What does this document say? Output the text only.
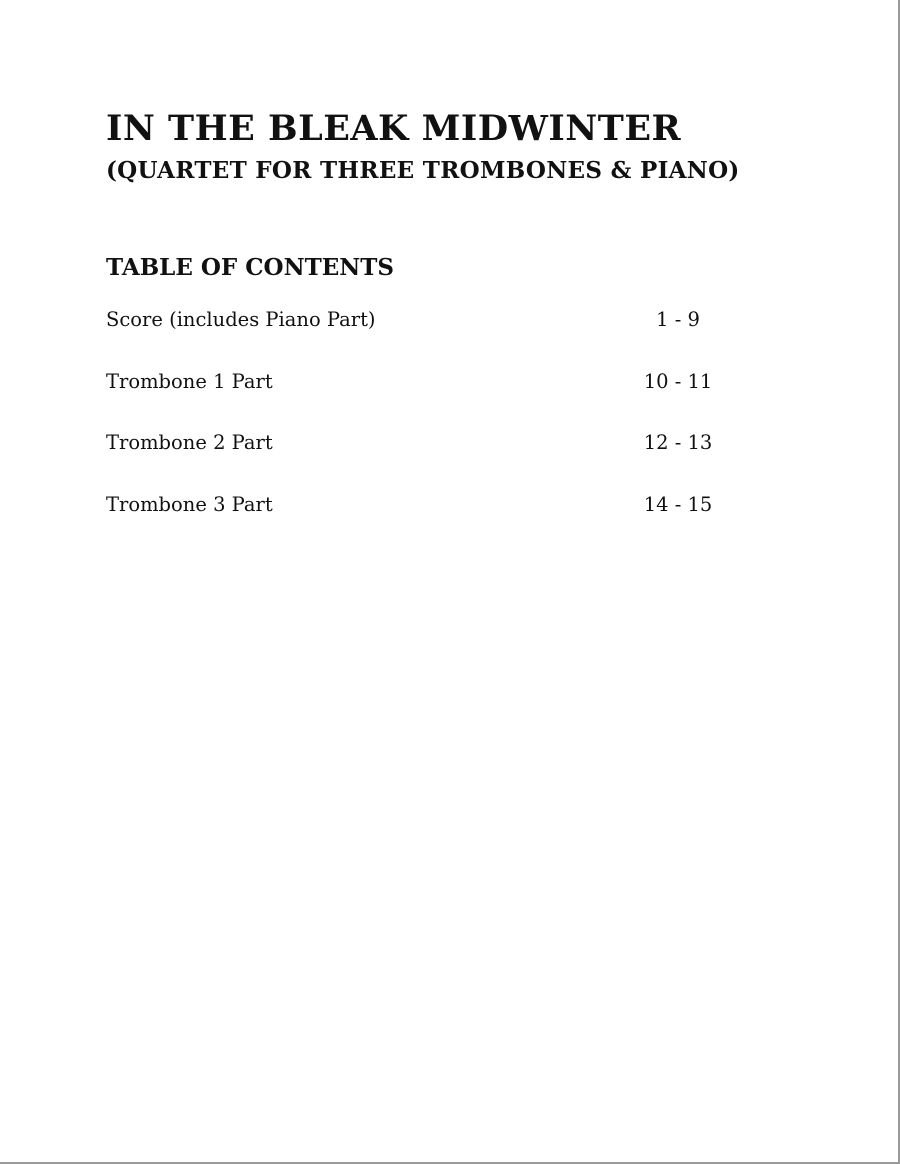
IN THE BLEAK MIDWINTER
(QUARTET FOR THREE TROMBONES & PIANO)
TABLE OF CONTENTS
Score (includes Piano Part)	1 - 9
Trombone 1 Part	10 - 11
Trombone 2 Part	12 - 13
Trombone 3 Part	14 - 15
